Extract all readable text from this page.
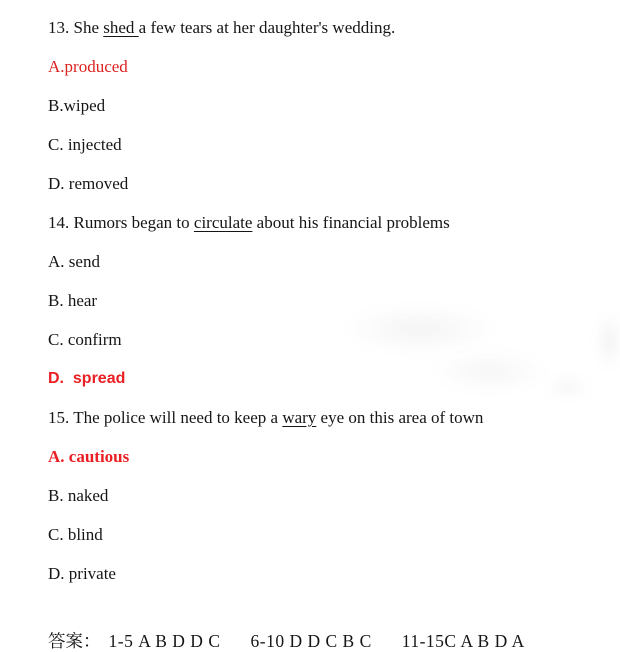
13. She shed a few tears at her daughter's wedding.

A.produced

B.wiped

C. injected

D. removed

14. Rumors began to circulate about his financial problems

A. send

B. hear

C. confirm

D.  spread

15. The police will need to keep a wary eye on this area of town

A. cautious

B. naked

C. blind

D. private

答案： 1-5 A B D D C 6-10 D D C B C 11-15C A B D A
